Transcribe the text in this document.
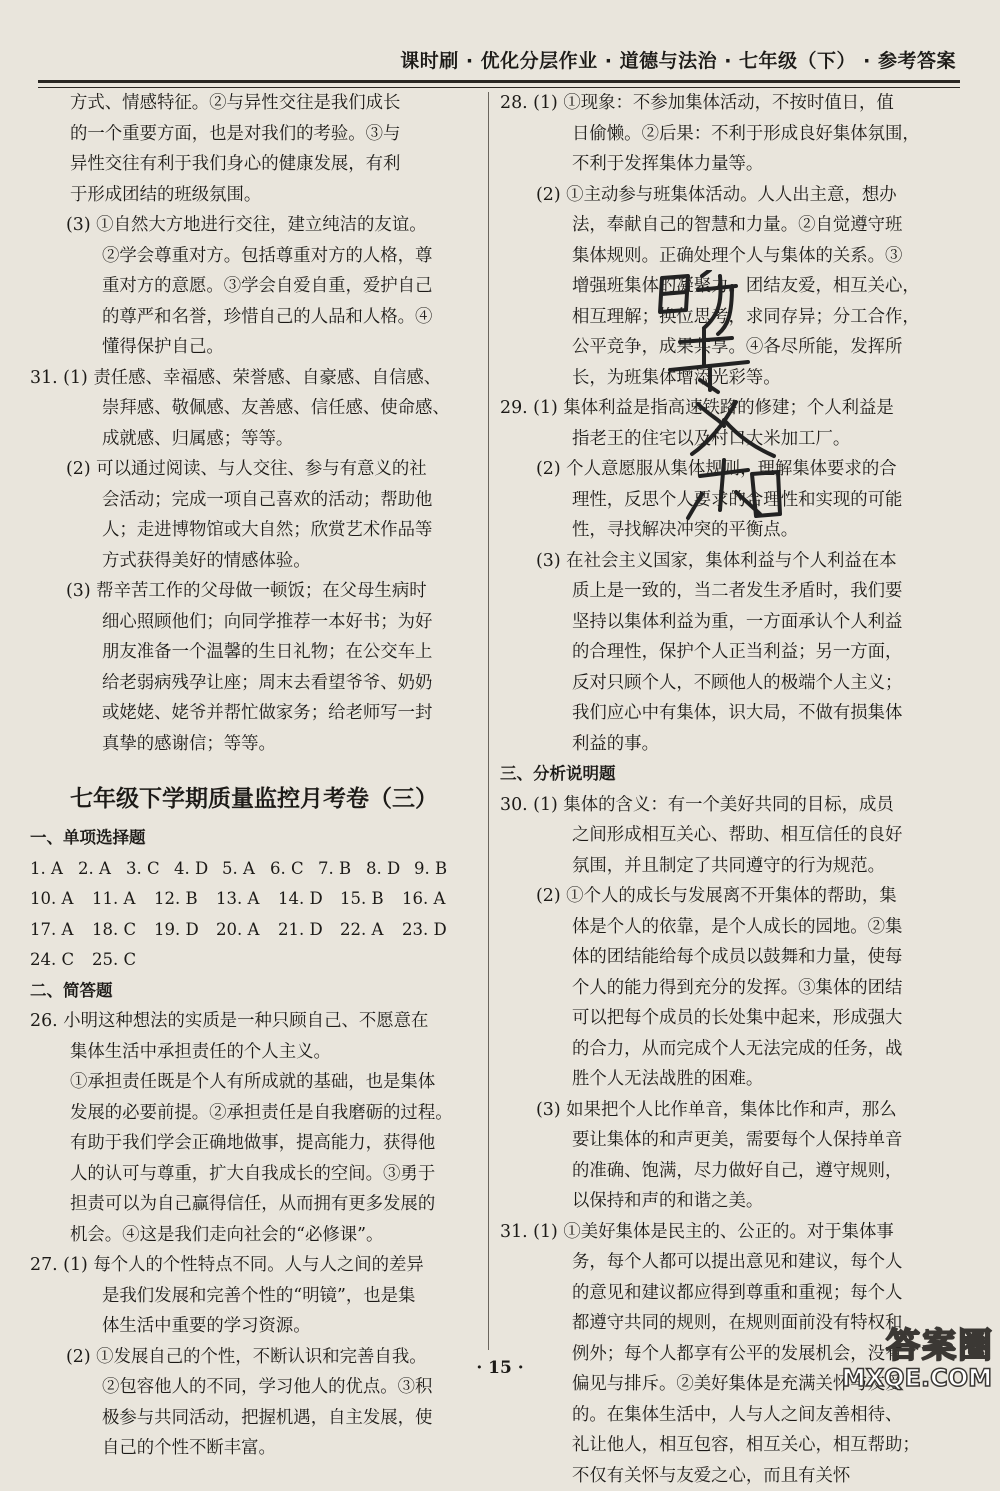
课时刷 · 优化分层作业 · 道德与法治 · 七年级（下） · 参考答案
方式、情感特征。②与异性交往是我们成长
的一个重要方面，也是对我们的考验。③与
异性交往有利于我们身心的健康发展，有利
于形成团结的班级氛围。
(3) ①自然大方地进行交往，建立纯洁的友谊。
②学会尊重对方。包括尊重对方的人格，尊
重对方的意愿。③学会自爱自重，爱护自己
的尊严和名誉，珍惜自己的人品和人格。④
懂得保护自己。
31. (1) 责任感、幸福感、荣誉感、自豪感、自信感、
崇拜感、敬佩感、友善感、信任感、使命感、
成就感、归属感；等等。
(2) 可以通过阅读、与人交往、参与有意义的社
会活动；完成一项自己喜欢的活动；帮助他
人；走进博物馆或大自然；欣赏艺术作品等
方式获得美好的情感体验。
(3) 帮辛苦工作的父母做一顿饭；在父母生病时
细心照顾他们；向同学推荐一本好书；为好
朋友准备一个温馨的生日礼物；在公交车上
给老弱病残孕让座；周末去看望爷爷、奶奶
或姥姥、姥爷并帮忙做家务；给老师写一封
真挚的感谢信；等等。
七年级下学期质量监控月考卷（三）
一、单项选择题
1. A 2. A 3. C 4. D 5. A 6. C 7. B 8. D 9. B
10. A 11. A 12. B 13. A 14. D 15. B 16. A
17. A 18. C 19. D 20. A 21. D 22. A 23. D
24. C 25. C
二、简答题
26. 小明这种想法的实质是一种只顾自己、不愿意在
集体生活中承担责任的个人主义。
①承担责任既是个人有所成就的基础，也是集体
发展的必要前提。②承担责任是自我磨砺的过程。
有助于我们学会正确地做事，提高能力，获得他
人的认可与尊重，扩大自我成长的空间。③勇于
担责可以为自己赢得信任，从而拥有更多发展的
机会。④这是我们走向社会的“必修课”。
27. (1) 每个人的个性特点不同。人与人之间的差异
是我们发展和完善个性的“明镜”，也是集
体生活中重要的学习资源。
(2) ①发展自己的个性，不断认识和完善自我。
②包容他人的不同，学习他人的优点。③积
极参与共同活动，把握机遇，自主发展，使
自己的个性不断丰富。
28. (1) ①现象：不参加集体活动，不按时值日，值
日偷懒。②后果：不利于形成良好集体氛围，
不利于发挥集体力量等。
(2) ①主动参与班集体活动。人人出主意，想办
法，奉献自己的智慧和力量。②自觉遵守班
集体规则。正确处理个人与集体的关系。③
增强班集体的凝聚力。团结友爱，相互关心，
相互理解；换位思考，求同存异；分工合作，
公平竞争，成果共享。④各尽所能，发挥所
长，为班集体增添光彩等。
29. (1) 集体利益是指高速铁路的修建；个人利益是
指老王的住宅以及村口大米加工厂。
(2) 个人意愿服从集体规则，理解集体要求的合
理性，反思个人要求的合理性和实现的可能
性，寻找解决冲突的平衡点。
(3) 在社会主义国家，集体利益与个人利益在本
质上是一致的，当二者发生矛盾时，我们要
坚持以集体利益为重，一方面承认个人利益
的合理性，保护个人正当利益；另一方面，
反对只顾个人，不顾他人的极端个人主义；
我们应心中有集体，识大局，不做有损集体
利益的事。
三、分析说明题
30. (1) 集体的含义：有一个美好共同的目标，成员
之间形成相互关心、帮助、相互信任的良好
氛围，并且制定了共同遵守的行为规范。
(2) ①个人的成长与发展离不开集体的帮助，集
体是个人的依靠，是个人成长的园地。②集
体的团结能给每个成员以鼓舞和力量，使每
个人的能力得到充分的发挥。③集体的团结
可以把每个成员的长处集中起来，形成强大
的合力，从而完成个人无法完成的任务，战
胜个人无法战胜的困难。
(3) 如果把个人比作单音，集体比作和声，那么
要让集体的和声更美，需要每个人保持单音
的准确、饱满，尽力做好自己，遵守规则，
以保持和声的和谐之美。
31. (1) ①美好集体是民主的、公正的。对于集体事
务，每个人都可以提出意见和建议，每个人
的意见和建议都应得到尊重和重视；每个人
都遵守共同的规则，在规则面前没有特权和
例外；每个人都享有公平的发展机会，没有
偏见与排斥。②美好集体是充满关怀与友爱
的。在集体生活中，人与人之间友善相待、
礼让他人，相互包容，相互关心，相互帮助；
不仅有关怀与友爱之心，而且有关怀
· 15 ·
答案圈
MXQE.COM
